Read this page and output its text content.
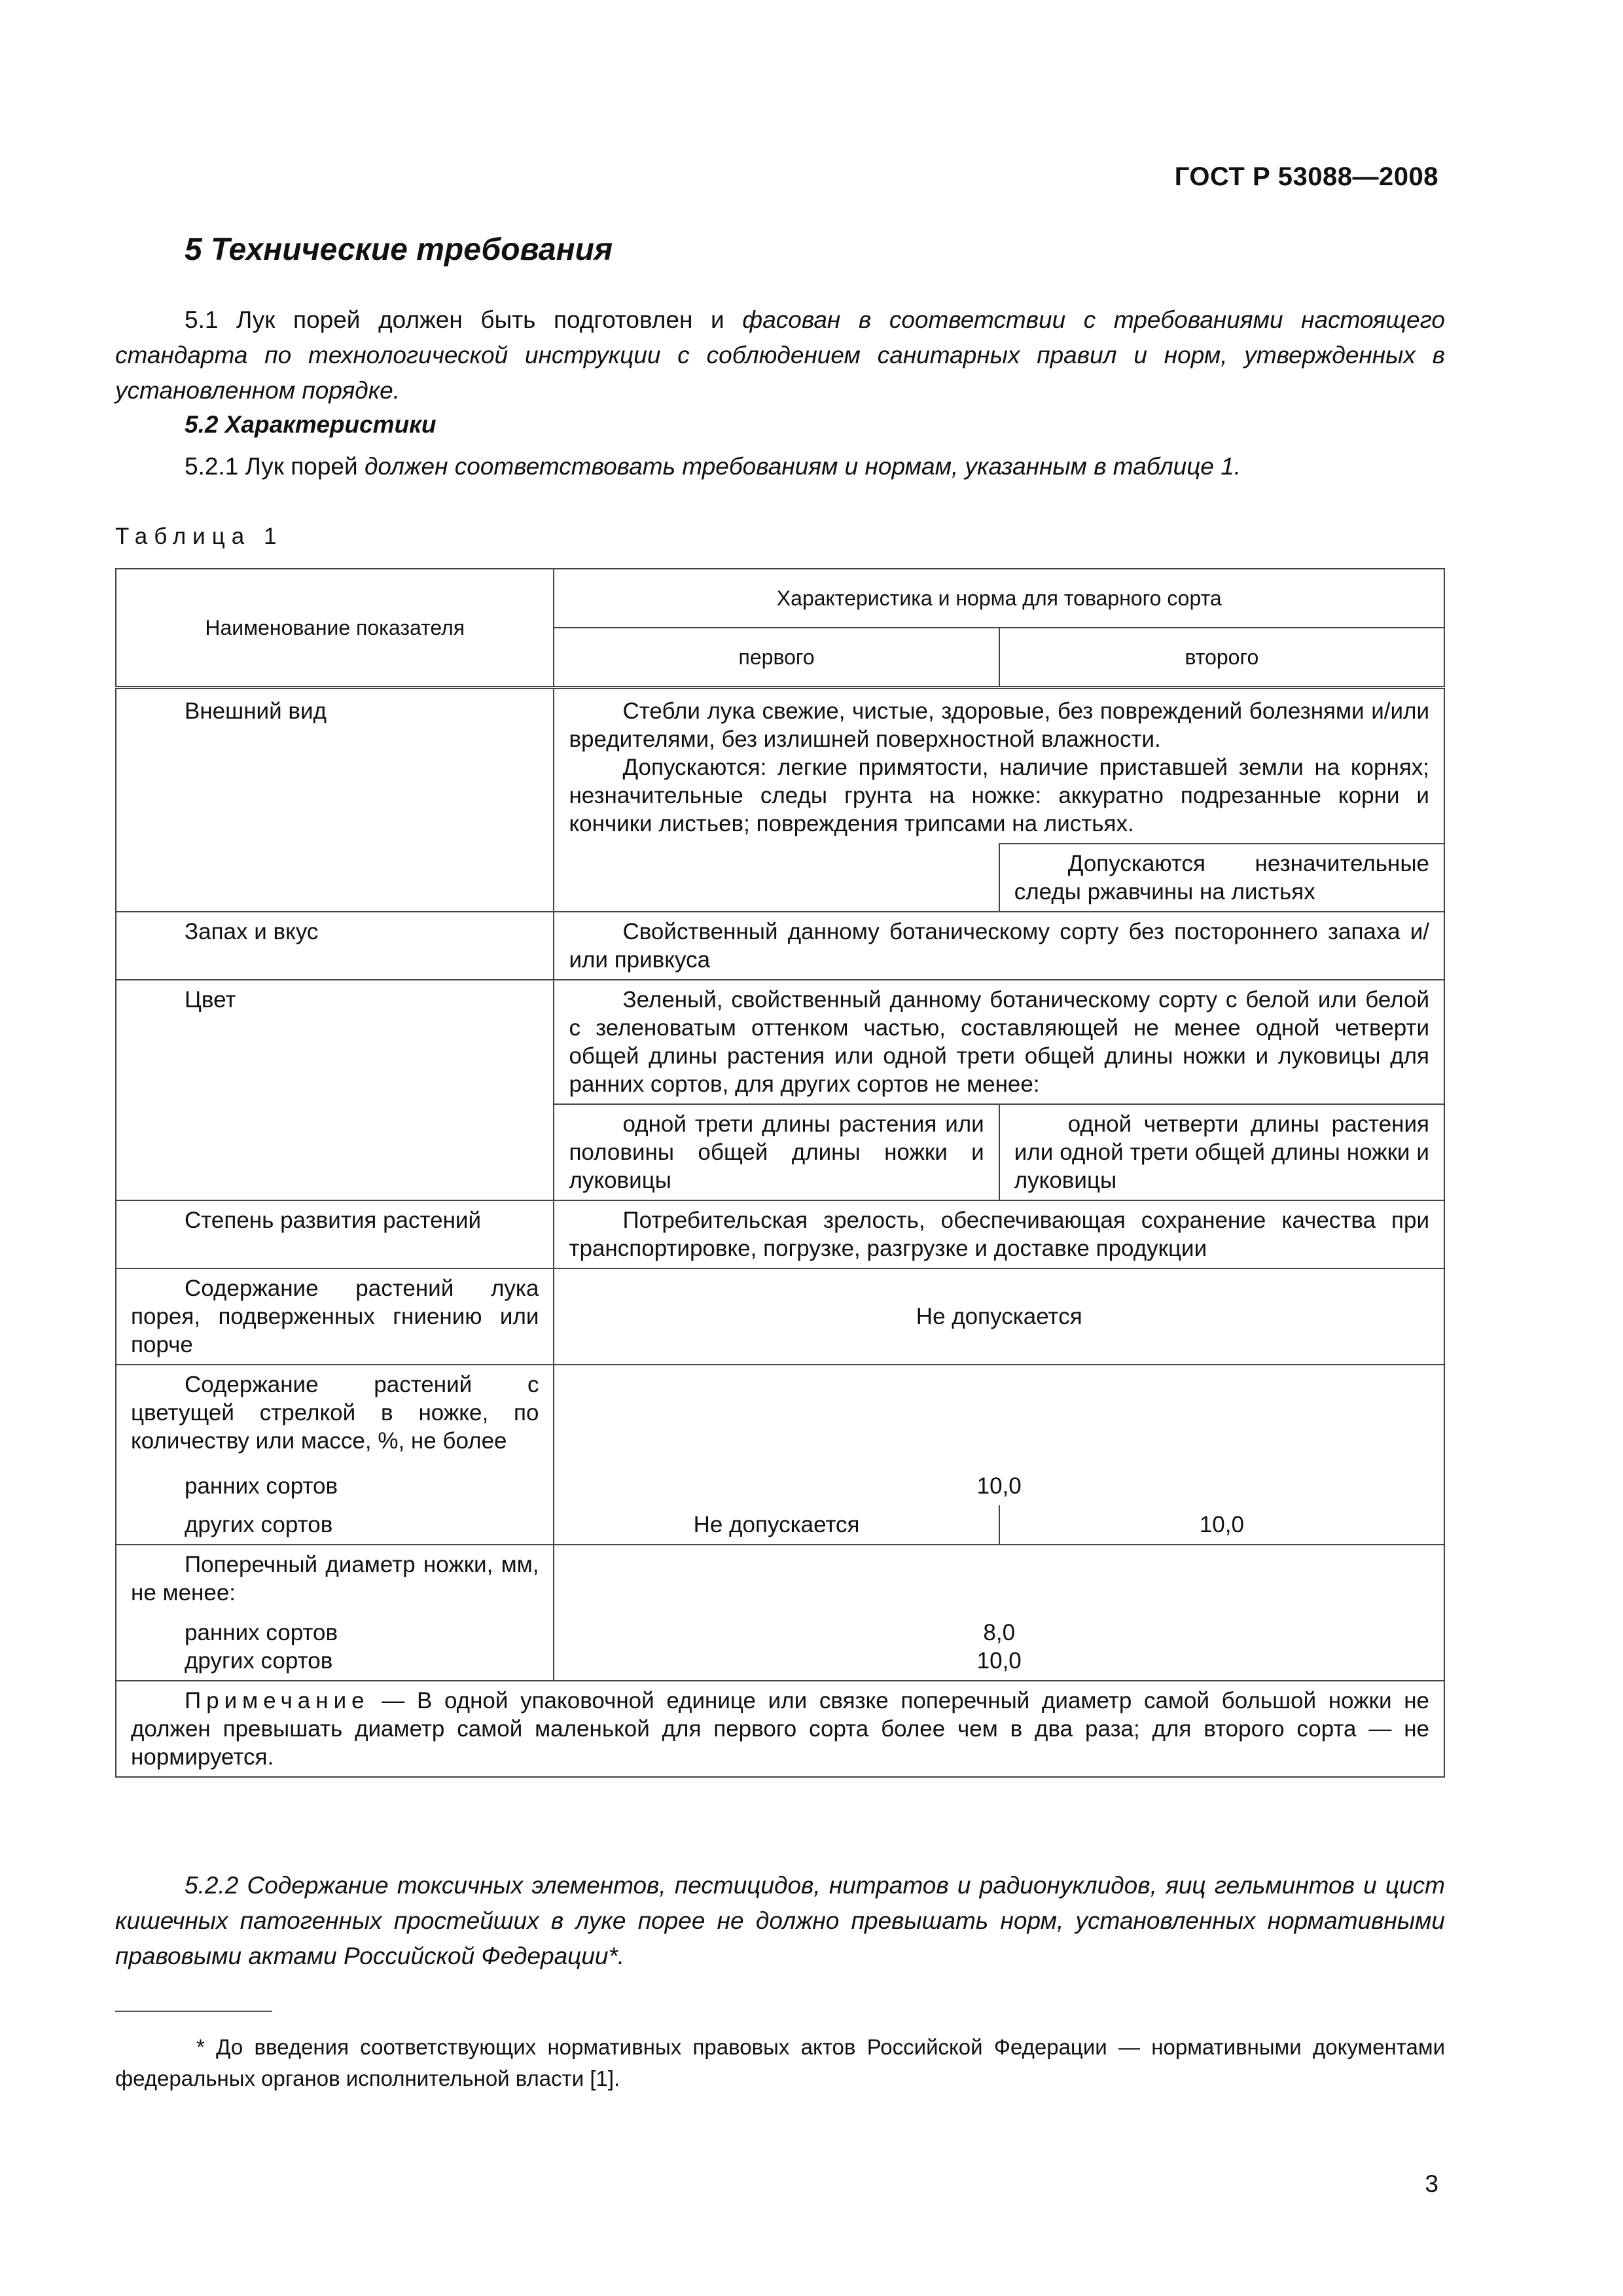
ГОСТ Р 53088—2008
5 Технические требования
5.1 Лук порей должен быть подготовлен и фасован в соответствии с требованиями настоящего стандарта по технологической инструкции с соблюдением санитарных правил и норм, утвержденных в установленном порядке.
5.2 Характеристики
5.2.1 Лук порей должен соответствовать требованиям и нормам, указанным в таблице 1.
Таблица 1
Наименование показателя	Характеристика и норма для товарного сорта	
	первого	второго
Внешний вид	Стебли лука свежие, чистые, здоровые, без повреждений болезнями и/или вредителями, без излишней поверхностной влажности.
Допускаются: легкие примятости, наличие приставшей земли на корнях; незначительные следы грунта на ножке: аккуратно подрезанные корни и кончики листьев; повреждения трипсами на листьях.	

		Допускаются незначительные следы ржавчины на листьях
Запах и вкус	Свойственный данному ботаническому сорту без постороннего запаха и/или привкуса	
Цвет	Зеленый, свойственный данному ботаническому сорту с белой или белой с зеленоватым оттенком частью, составляющей не менее одной четверти общей длины растения или одной трети общей длины ножки и луковицы для ранних сортов, для других сортов не менее:	
	одной трети длины растения или половины общей длины ножки и луковицы	одной четверти длины растения или одной трети общей длины ножки и луковицы
Степень развития растений	Потребительская зрелость, обеспечивающая сохранение качества при транспортировке, погрузке, разгрузке и доставке продукции	
Содержание растений лука порея, подверженных гниению или порче	Не допускается	
Содержание растений с цветущей стрелкой в ножке, по количеству или массе, %, не более		
ранних сортов	10,0	
других сортов	Не допускается	10,0
Поперечный диаметр ножки, мм, не менее:		
ранних сортов	8,0	
других сортов	10,0	
Примечание — В одной упаковочной единице или связке поперечный диаметр самой большой ножки не должен превышать диаметр самой маленькой для первого сорта более чем в два раза; для второго сорта — не нормируется.		
5.2.2 Содержание токсичных элементов, пестицидов, нитратов и радионуклидов, яиц гельминтов и цист кишечных патогенных простейших в луке порее не должно превышать норм, установленных нормативными правовыми актами Российской Федерации*.
* До введения соответствующих нормативных правовых актов Российской Федерации — нормативными документами федеральных органов исполнительной власти [1].
3
